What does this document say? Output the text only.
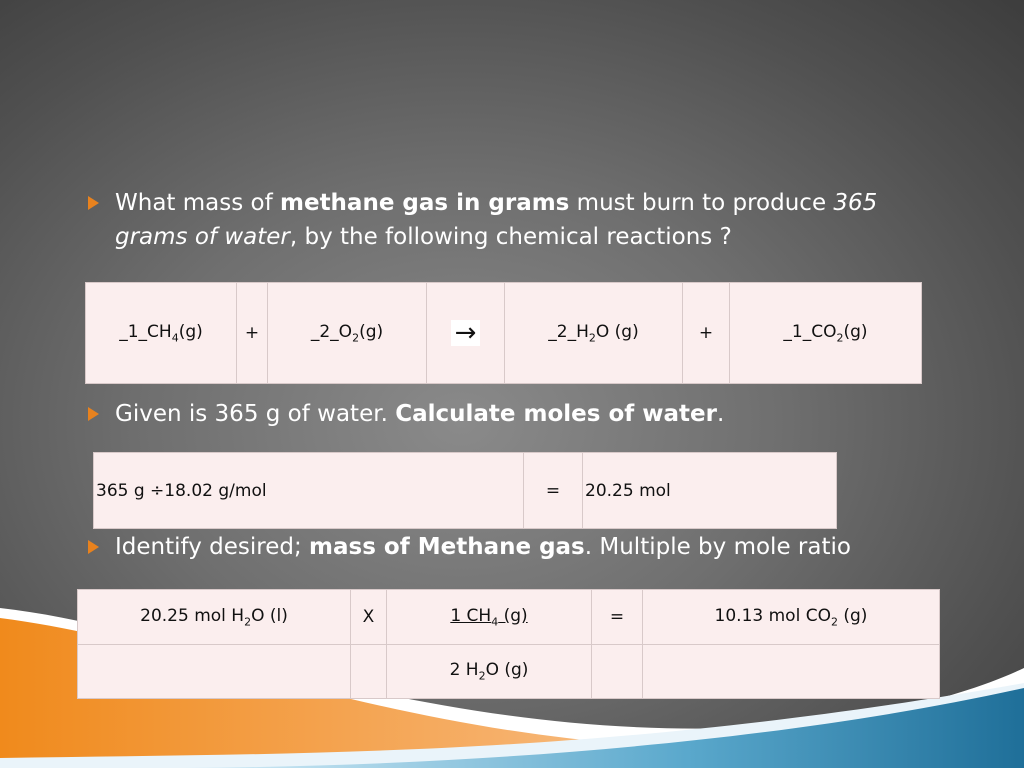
What mass of methane gas in grams must burn to produce 365
grams of water, by the following chemical reactions ?
$\_1\_CH_4(g)$	+	$\_2\_O_2(g)$	→	$\_2\_H_2O$ (g)	+	$\_1\_CO_2(g)$
Given is 365 g of water. Calculate moles of water.
365 g ÷18.02 g/mol	=	20.25 mol
Identify desired; mass of Methane gas. Multiple by mole ratio
20.25 mol $H_2O$ (l)	X	1 $CH_4$ (g)	=	10.13 mol $CO_2$ (g)
		2 $H_2O$ (g)		
